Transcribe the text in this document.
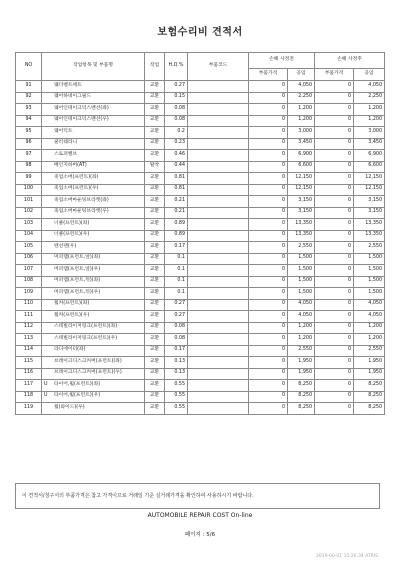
보험수리비 견적서
NO	작업항목 및 부품명	작업	H.Q.%	부품코드	손해 사정전		손해 사정후	
					부품가격	공임	부품가격	공임
91	웨더벨트세트	교환	0.27		0	4,050	0	4,050
92	웨어하네이그필드	교환	0.15		0	2,250	0	2,250
93	웨어인테이크덕스밴선(좌)	교환	0.08		0	1,200	0	1,200
94	웨어인테이크덕스밴선(우)	교환	0.08		0	1,200	0	1,200
95	웨어덕트	교환	0.2		0	3,000	0	3,000
96	쿨러쉐라니	교환	0.23		0	3,450	0	3,450
97	스토퍼밸브	교환	0.46		0	6,900	0	6,900
98	배인지하버(AT)	탈착	0.44		0	6,600	0	6,600
99	죽업소버(프런트)(좌)	교환	0.81		0	12,150	0	12,150
100	죽업소버(프런트)(우)	교환	0.81		0	12,150	0	12,150
101	죽업소버마운팅브라켓(좌)	교환	0.21		0	3,150	0	3,150
102	죽업소버마운팅브라켓(우)	교환	0.21		0	3,150	0	3,150
103	너클(프런트)(좌)	교환	0.89		0	13,350	0	13,350
104	너클(프런트)(우)	교환	0.89		0	13,350	0	13,350
105	텐션랜(우)	교환	0.17		0	2,550	0	2,550
106	머퍼랩(프런트,앞)(좌)	교환	0.1		0	1,500	0	1,500
107	머퍼랩(프런트,앞)(우)	교환	0.1		0	1,500	0	1,500
108	머퍼랩(프런트,뒤)(좌)	교환	0.1		0	1,500	0	1,500
109	머퍼랩(프런트,뒤)(우)	교환	0.1		0	1,500	0	1,500
110	휠커(프런트)(좌)	교환	0.27		0	4,050	0	4,050
111	휠커(프런트)(우)	교환	0.27		0	4,050	0	4,050
112	스테빌라이저링크(프런트)(좌)	교환	0.08		0	1,200	0	1,200
113	스테빌라이저링크(프런트)(우)	교환	0.08		0	1,200	0	1,200
114	라디에이터(좌)	교환	0.17		0	2,550	0	2,550
115	브레이크디스크커버(프런트)(좌)	교환	0.13		0	1,950	0	1,950
116	브레이크디스크커버(프런트)(우)	교환	0.13		0	1,950	0	1,950
117	U 타이어,휠(프런트)(좌)	교환	0.55		0	8,250	0	8,250
118	U 타이어,휠(프런트)(우)	교환	0.55		0	8,250	0	8,250
119	휠(와이드)(우)	교환	0.55		0	8,250	0	8,250
이 견적서/청구서의 부품가격은 참고 가격이므로 거래일 기준 실거래가격을 확인하여 사용하시기 바랍니다.
AUTOMOBILE REPAIR COST On-line
페이지 : 5/6
2019-00-01 15:26:34 ATRIS
